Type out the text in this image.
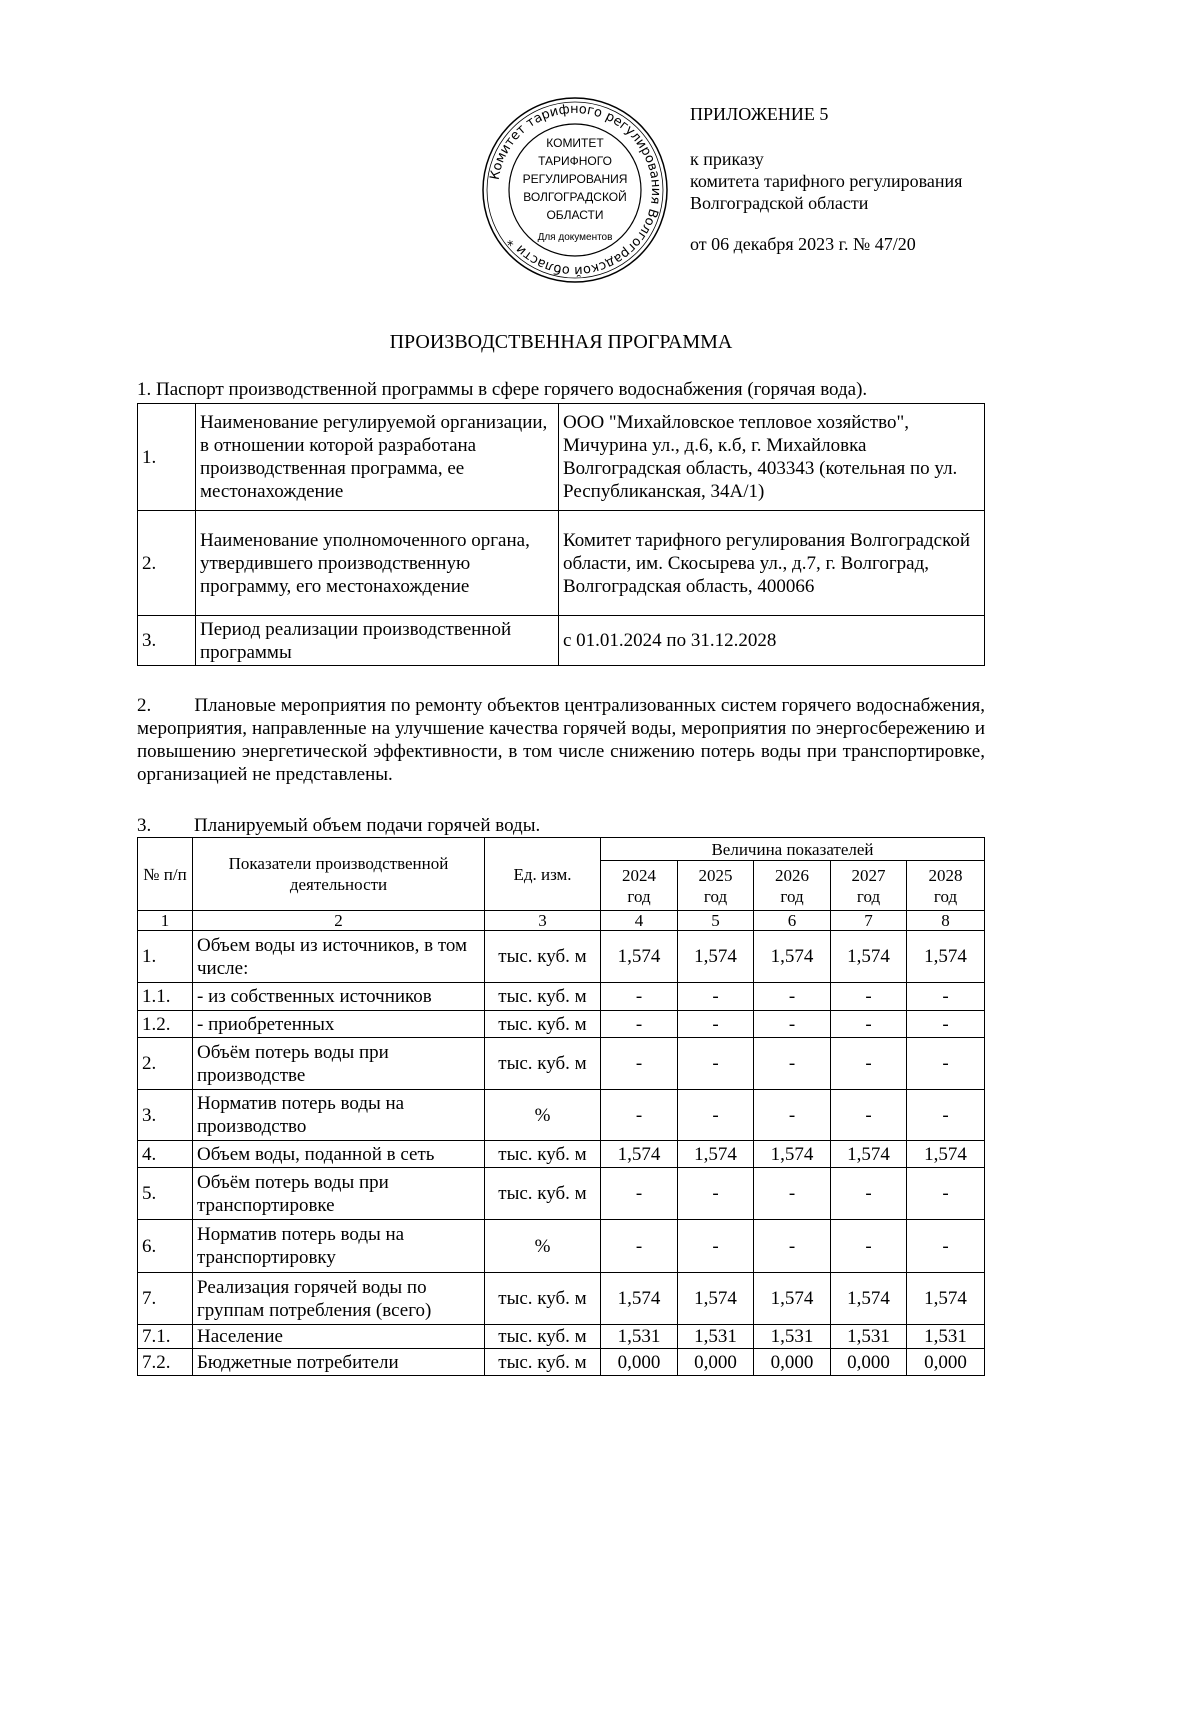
Комитет тарифного регулирования Волгоградской области *
КОМИТЕТ
ТАРИФНОГО
РЕГУЛИРОВАНИЯ
ВОЛГОГРАДСКОЙ
ОБЛАСТИ
Для документов
ПРИЛОЖЕНИЕ 5
к приказу
комитета тарифного регулирования
Волгоградской области
от 06 декабря 2023 г. № 47/20
ПРОИЗВОДСТВЕННАЯ ПРОГРАММА
1. Паспорт производственной программы в сфере горячего водоснабжения (горячая вода).
1.	Наименование регулируемой организации, в отношении которой разработана производственная программа, ее местонахождение	ООО "Михайловское тепловое хозяйство", Мичурина ул., д.6, к.б, г. Михайловка Волгоградская область, 403343 (котельная по ул. Республиканская, 34А/1)
2.	Наименование уполномоченного органа, утвердившего производственную программу, его местонахождение	Комитет тарифного регулирования Волгоградской области, им. Скосырева ул., д.7, г. Волгоград, Волгоградская область, 400066
3.	Период реализации производственной программы	с 01.01.2024 по 31.12.2028
2.         Плановые мероприятия по ремонту объектов централизованных систем горячего водоснабжения, мероприятия, направленные на улучшение качества горячей воды, мероприятия по энергосбережению и повышению энергетической эффективности, в том числе снижению потерь воды при транспортировке, организацией не представлены.
3.         Планируемый объем подачи горячей воды.
№ п/п	Показатели производственной деятельности	Ед. изм.	Величина показателей				
			2024 год	2025 год	2026 год	2027 год	2028 год
1	2	3	4	5	6	7	8
1.	Объем воды из источников, в том числе:	тыс. куб. м	1,574	1,574	1,574	1,574	1,574
1.1.	- из собственных источников	тыс. куб. м	-	-	-	-	-
1.2.	- приобретенных	тыс. куб. м	-	-	-	-	-
2.	Объём потерь воды при производстве	тыс. куб. м	-	-	-	-	-
3.	Норматив потерь воды на производство	%	-	-	-	-	-
4.	Объем воды, поданной в сеть	тыс. куб. м	1,574	1,574	1,574	1,574	1,574
5.	Объём потерь воды при транспортировке	тыс. куб. м	-	-	-	-	-
6.	Норматив потерь воды на транспортировку	%	-	-	-	-	-
7.	Реализация горячей воды по группам потребления (всего)	тыс. куб. м	1,574	1,574	1,574	1,574	1,574
7.1.	Население	тыс. куб. м	1,531	1,531	1,531	1,531	1,531
7.2.	Бюджетные потребители	тыс. куб. м	0,000	0,000	0,000	0,000	0,000
